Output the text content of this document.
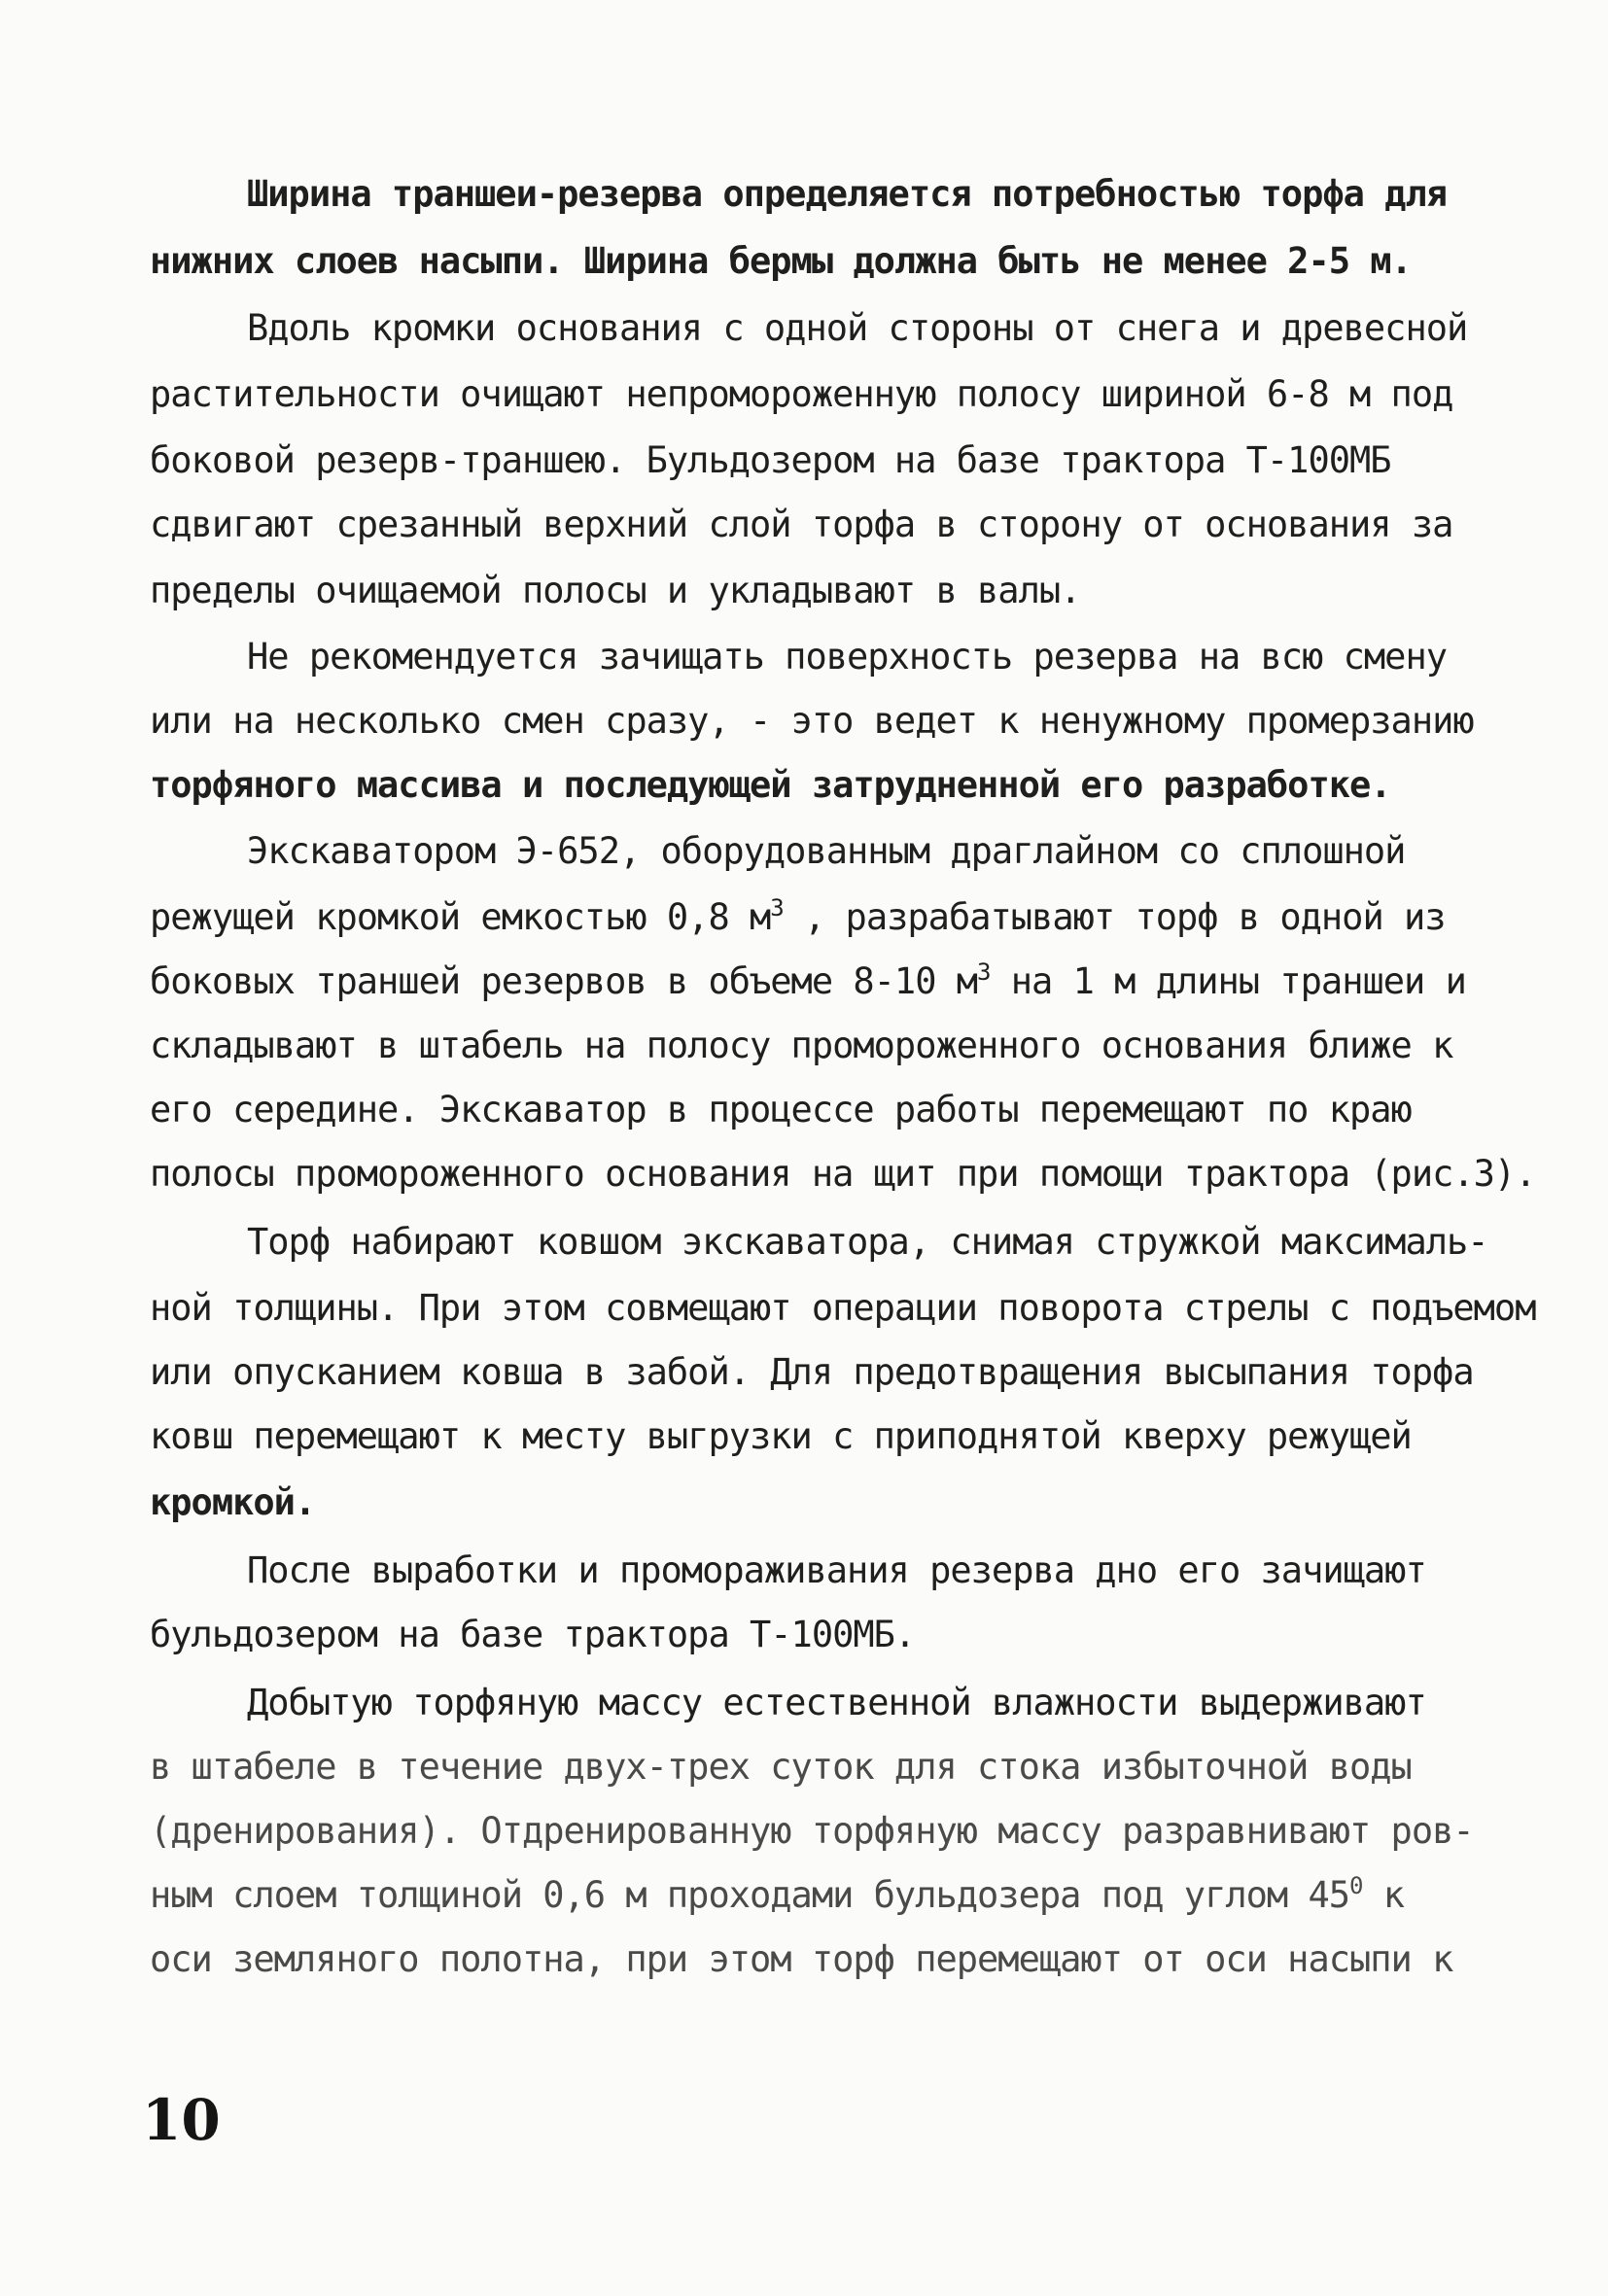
Ширина траншеи-резерва определяется потребностью торфа для
нижних слоев насыпи. Ширина бермы должна быть не менее 2-5 м.
Вдоль кромки основания с одной стороны от снега и древесной
растительности очищают непромороженную полосу шириной 6-8 м под
боковой резерв-траншею. Бульдозером на базе трактора Т-100МБ
сдвигают срезанный верхний слой торфа в сторону от основания за
пределы очищаемой полосы и укладывают в валы.
Не рекомендуется зачищать поверхность резерва на всю смену
или на несколько смен сразу, - это ведет к ненужному промерзанию
торфяного массива и последующей затрудненной его разработке.
Экскаватором Э-652, оборудованным драглайном со сплошной
режущей кромкой емкостью 0,8 $м^3$ , разрабатывают торф в одной из
боковых траншей резервов в объеме 8-10 $м^3$ на 1 м длины траншеи и
складывают в штабель на полосу промороженного основания ближе к
его середине. Экскаватор в процессе работы перемещают по краю
полосы промороженного основания на щит при помощи трактора (рис.3).
Торф набирают ковшом экскаватора, снимая стружкой максималь-
ной толщины. При этом совмещают операции поворота стрелы с подъемом
или опусканием ковша в забой. Для предотвращения высыпания торфа
ковш перемещают к месту выгрузки с приподнятой кверху режущей
кромкой.
После выработки и промораживания резерва дно его зачищают
бульдозером на базе трактора Т-100МБ.
Добытую торфяную массу естественной влажности выдерживают
в штабеле в течение двух-трех суток для стока избыточной воды
(дренирования). Отдренированную торфяную массу разравнивают ров-
ным слоем толщиной 0,6 м проходами бульдозера под углом $45^0$ к
оси земляного полотна, при этом торф перемещают от оси насыпи к
10
